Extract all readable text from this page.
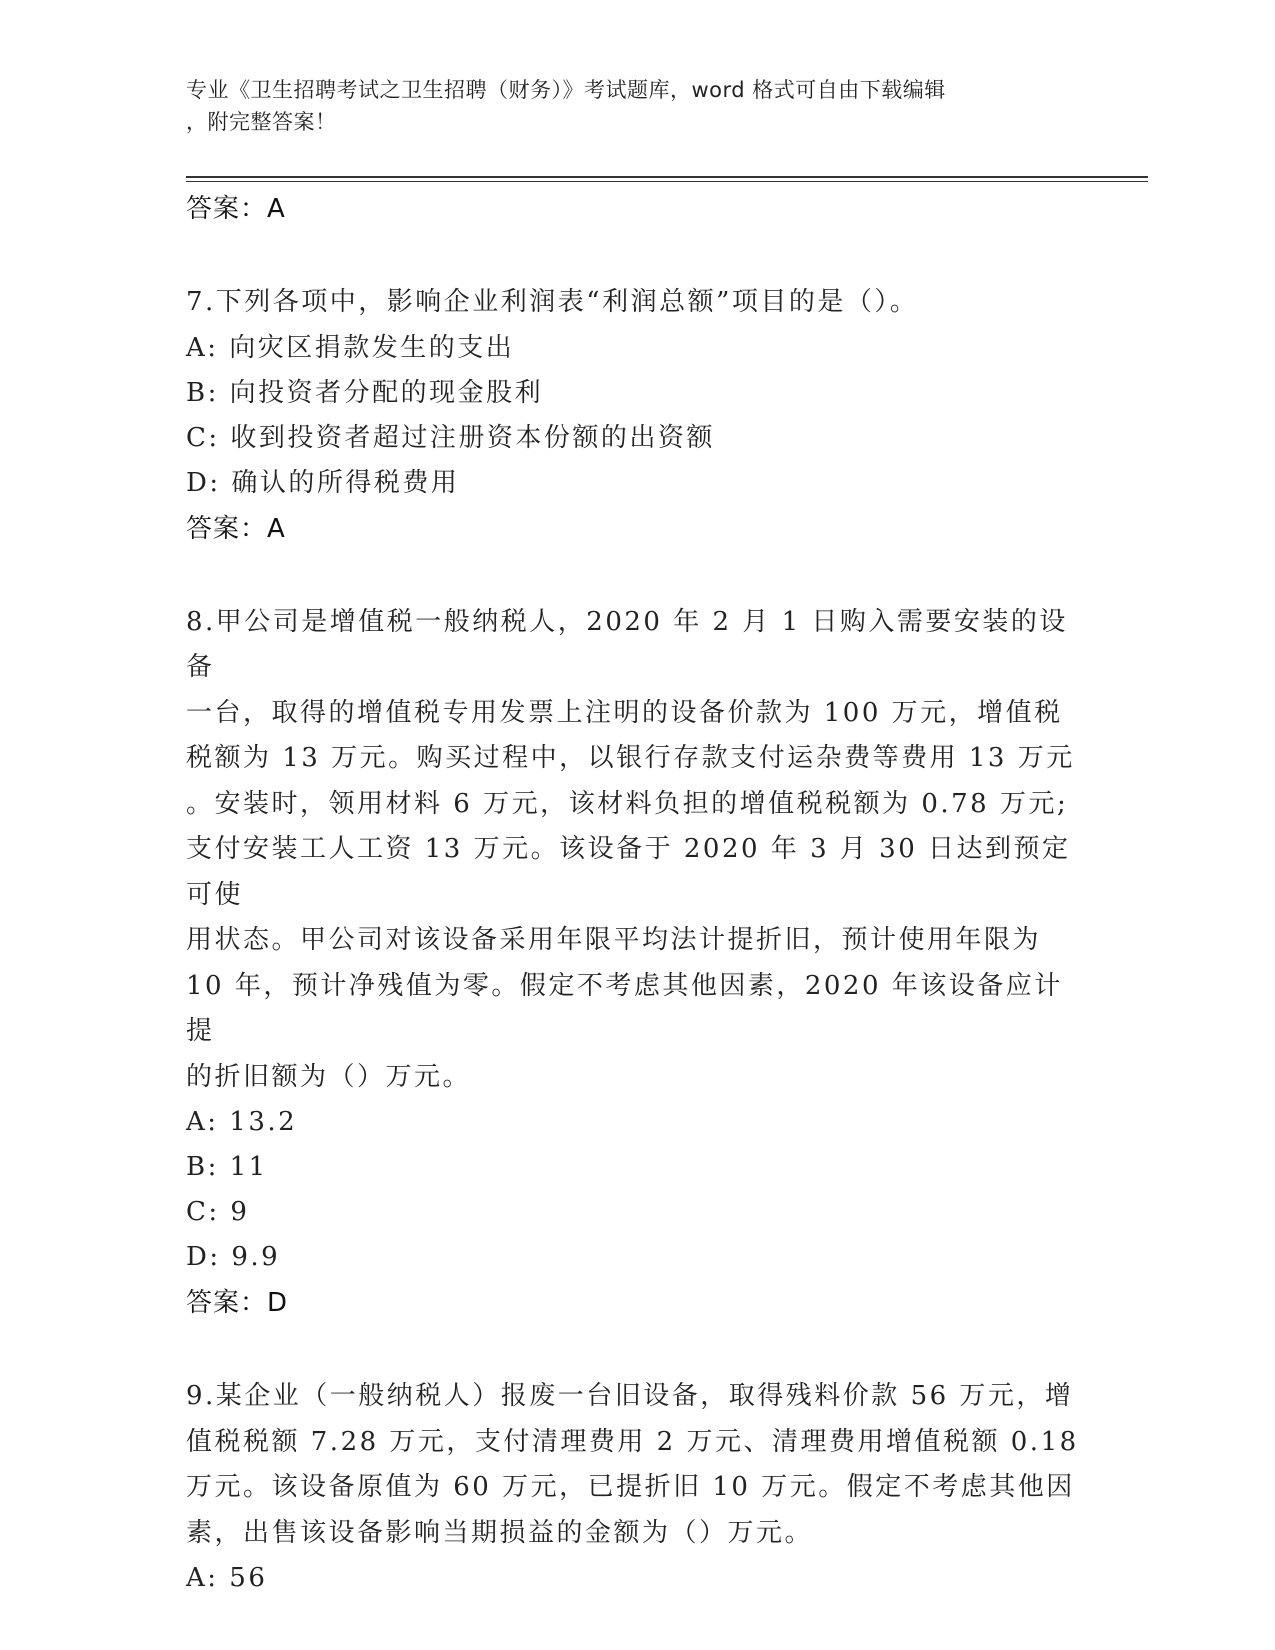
专业《卫生招聘考试之卫生招聘（财务）》考试题库，word 格式可自由下载编辑
，附完整答案！
答案：A
7.下列各项中，影响企业利润表“利润总额”项目的是（）。
A: 向灾区捐款发生的支出
B: 向投资者分配的现金股利
C: 收到投资者超过注册资本份额的出资额
D: 确认的所得税费用
答案：A
8.甲公司是增值税一般纳税人，2020 年 2 月 1 日购入需要安装的设备
一台，取得的增值税专用发票上注明的设备价款为 100 万元，增值税
税额为 13 万元。购买过程中，以银行存款支付运杂费等费用 13 万元
。安装时，领用材料 6 万元，该材料负担的增值税税额为 0.78 万元;
支付安装工人工资 13 万元。该设备于 2020 年 3 月 30 日达到预定可使
用状态。甲公司对该设备采用年限平均法计提折旧，预计使用年限为
10 年，预计净残值为零。假定不考虑其他因素，2020 年该设备应计提
的折旧额为（）万元。
A: 13.2
B: 11
C: 9
D: 9.9
答案：D
9.某企业（一般纳税人）报废一台旧设备，取得残料价款 56 万元，增
值税税额 7.28 万元，支付清理费用 2 万元、清理费用增值税额 0.18
万元。该设备原值为 60 万元，已提折旧 10 万元。假定不考虑其他因
素，出售该设备影响当期损益的金额为（）万元。
A: 56
